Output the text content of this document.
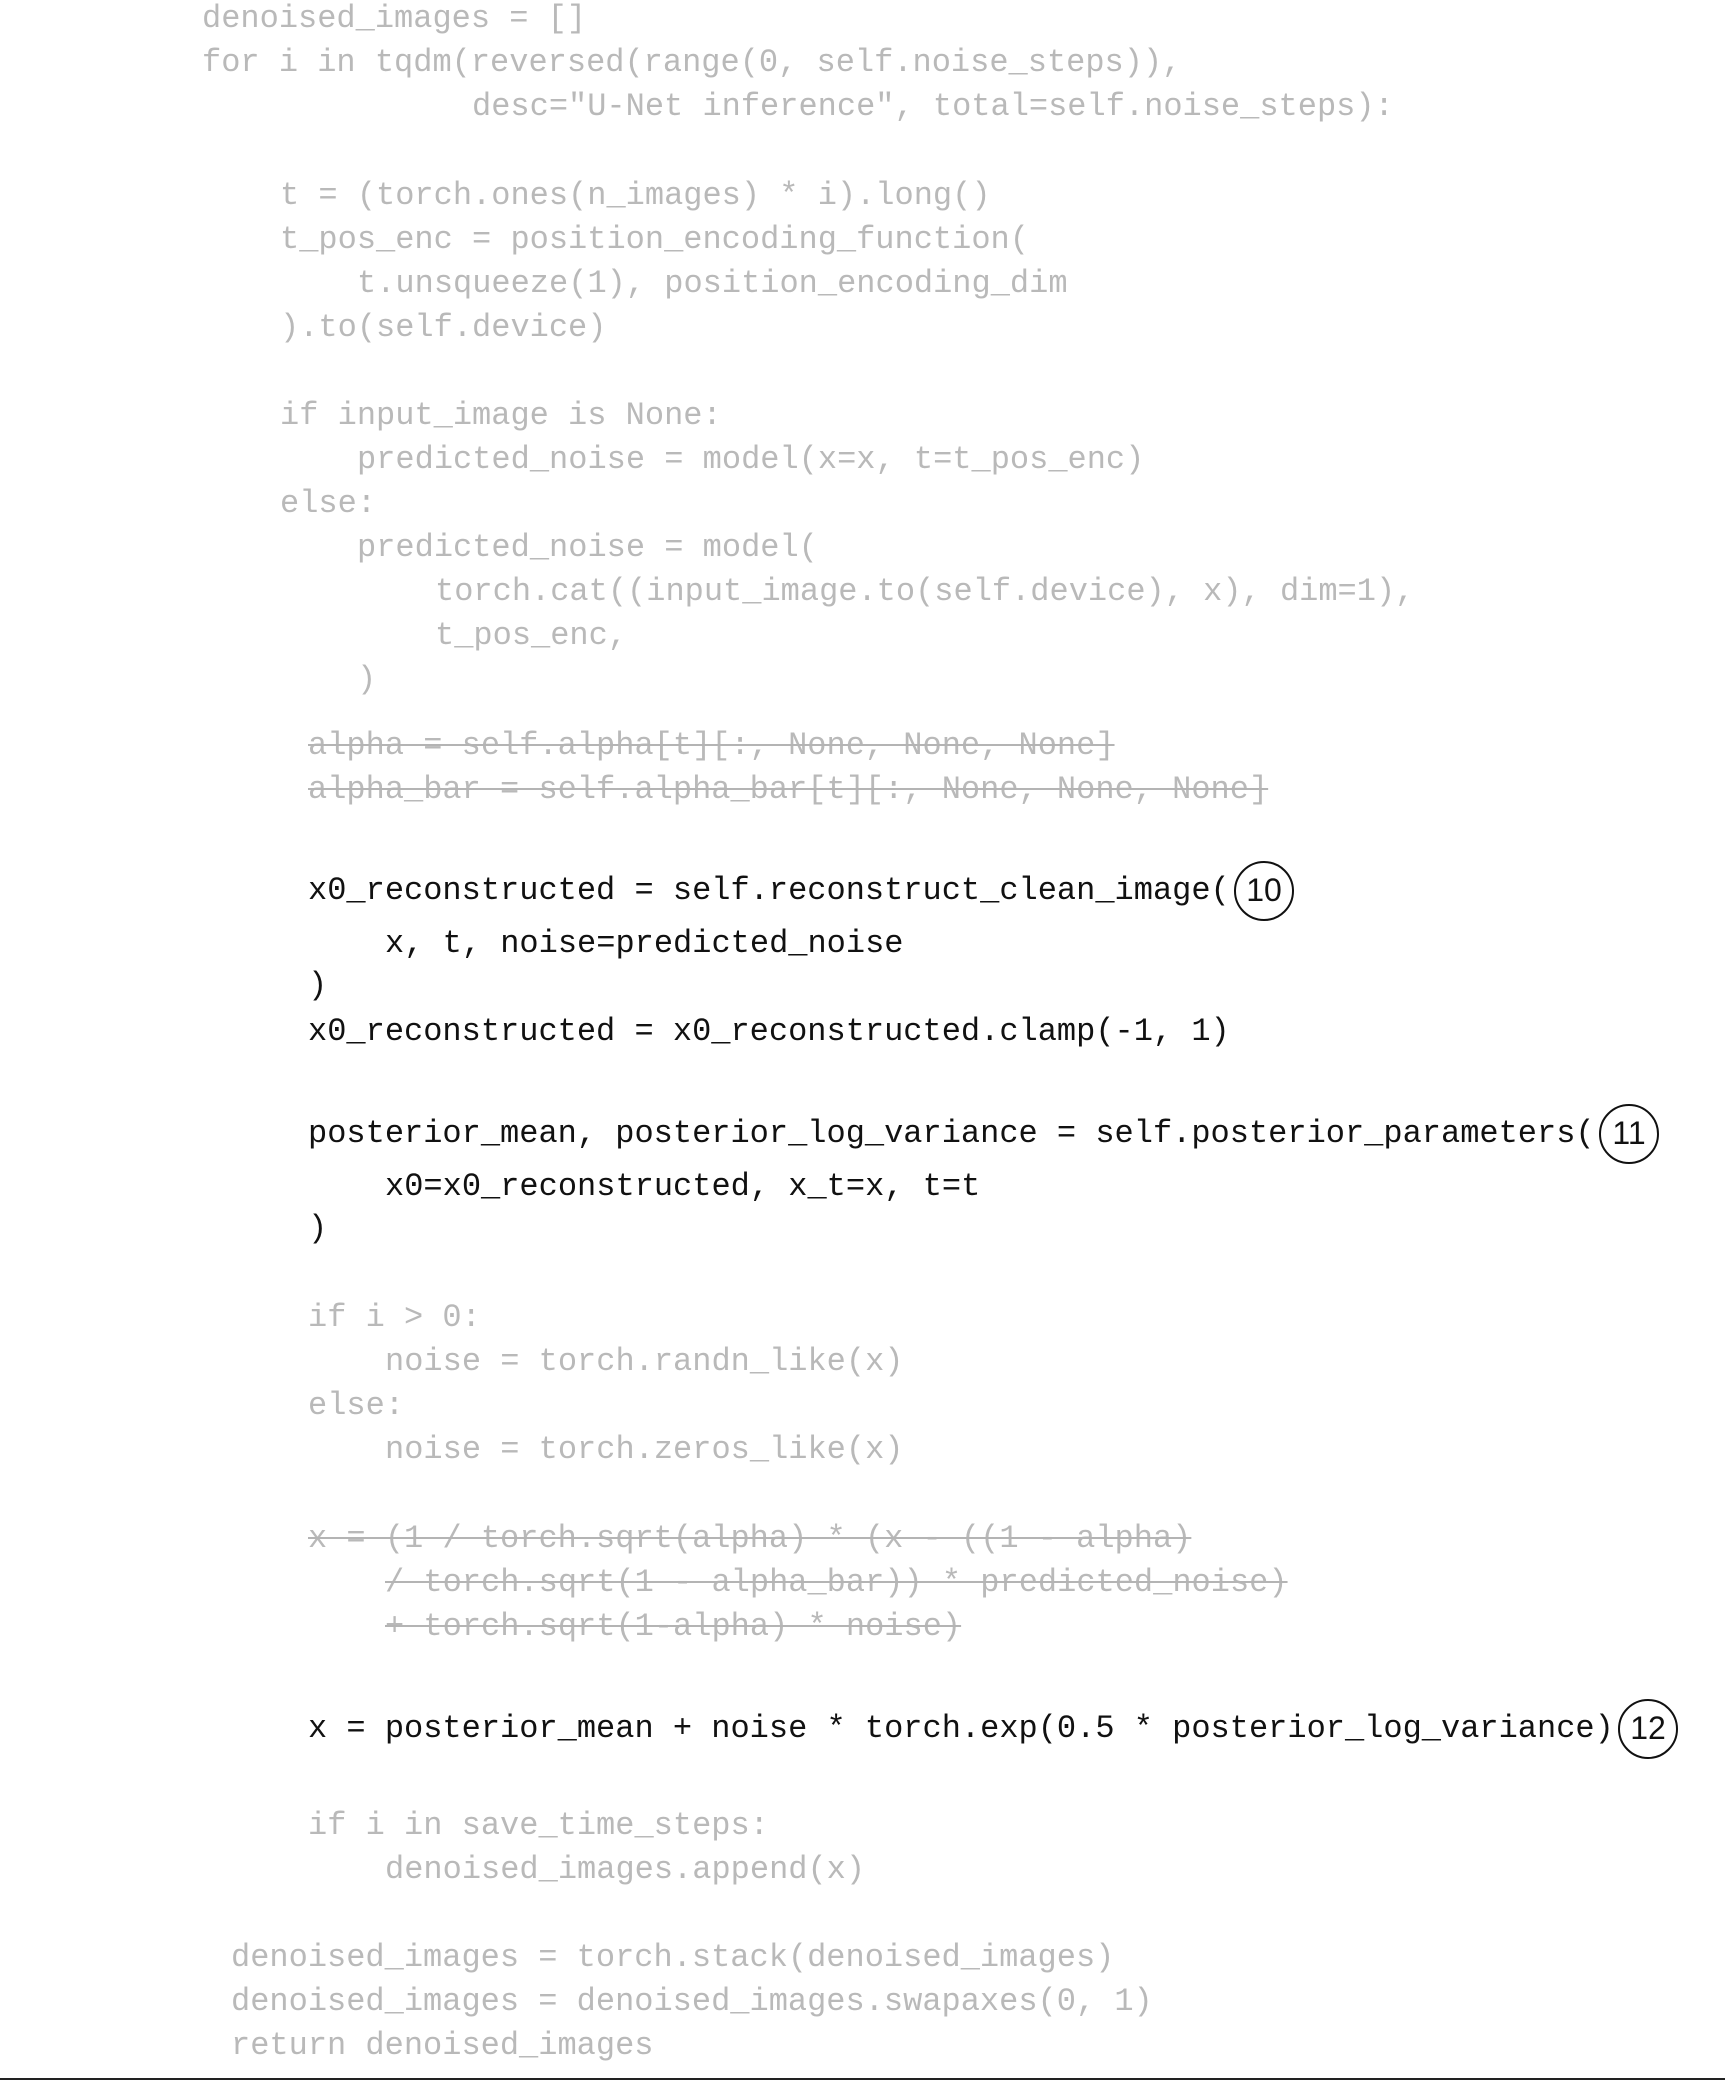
denoised_images = []
for i in tqdm(reversed(range(0, self.noise_steps)),
desc="U-Net inference", total=self.noise_steps):
t = (torch.ones(n_images) * i).long()
t_pos_enc = position_encoding_function(
t.unsqueeze(1), position_encoding_dim
).to(self.device)
if input_image is None:
predicted_noise = model(x=x, t=t_pos_enc)
else:
predicted_noise = model(
torch.cat((input_image.to(self.device), x), dim=1),
t_pos_enc,
)
alpha = self.alpha[t][:, None, None, None]
alpha_bar = self.alpha_bar[t][:, None, None, None]
x0_reconstructed = self.reconstruct_clean_image(
x, t, noise=predicted_noise
)
x0_reconstructed = x0_reconstructed.clamp(-1, 1)
posterior_mean, posterior_log_variance = self.posterior_parameters(
x0=x0_reconstructed, x_t=x, t=t
)
if i > 0:
noise = torch.randn_like(x)
else:
noise = torch.zeros_like(x)
x = (1 / torch.sqrt(alpha) * (x - ((1 - alpha)
/ torch.sqrt(1 - alpha_bar)) * predicted_noise)
+ torch.sqrt(1-alpha) * noise)
x = posterior_mean + noise * torch.exp(0.5 * posterior_log_variance)
if i in save_time_steps:
denoised_images.append(x)
denoised_images = torch.stack(denoised_images)
denoised_images = denoised_images.swapaxes(0, 1)
return denoised_images
10
11
12
